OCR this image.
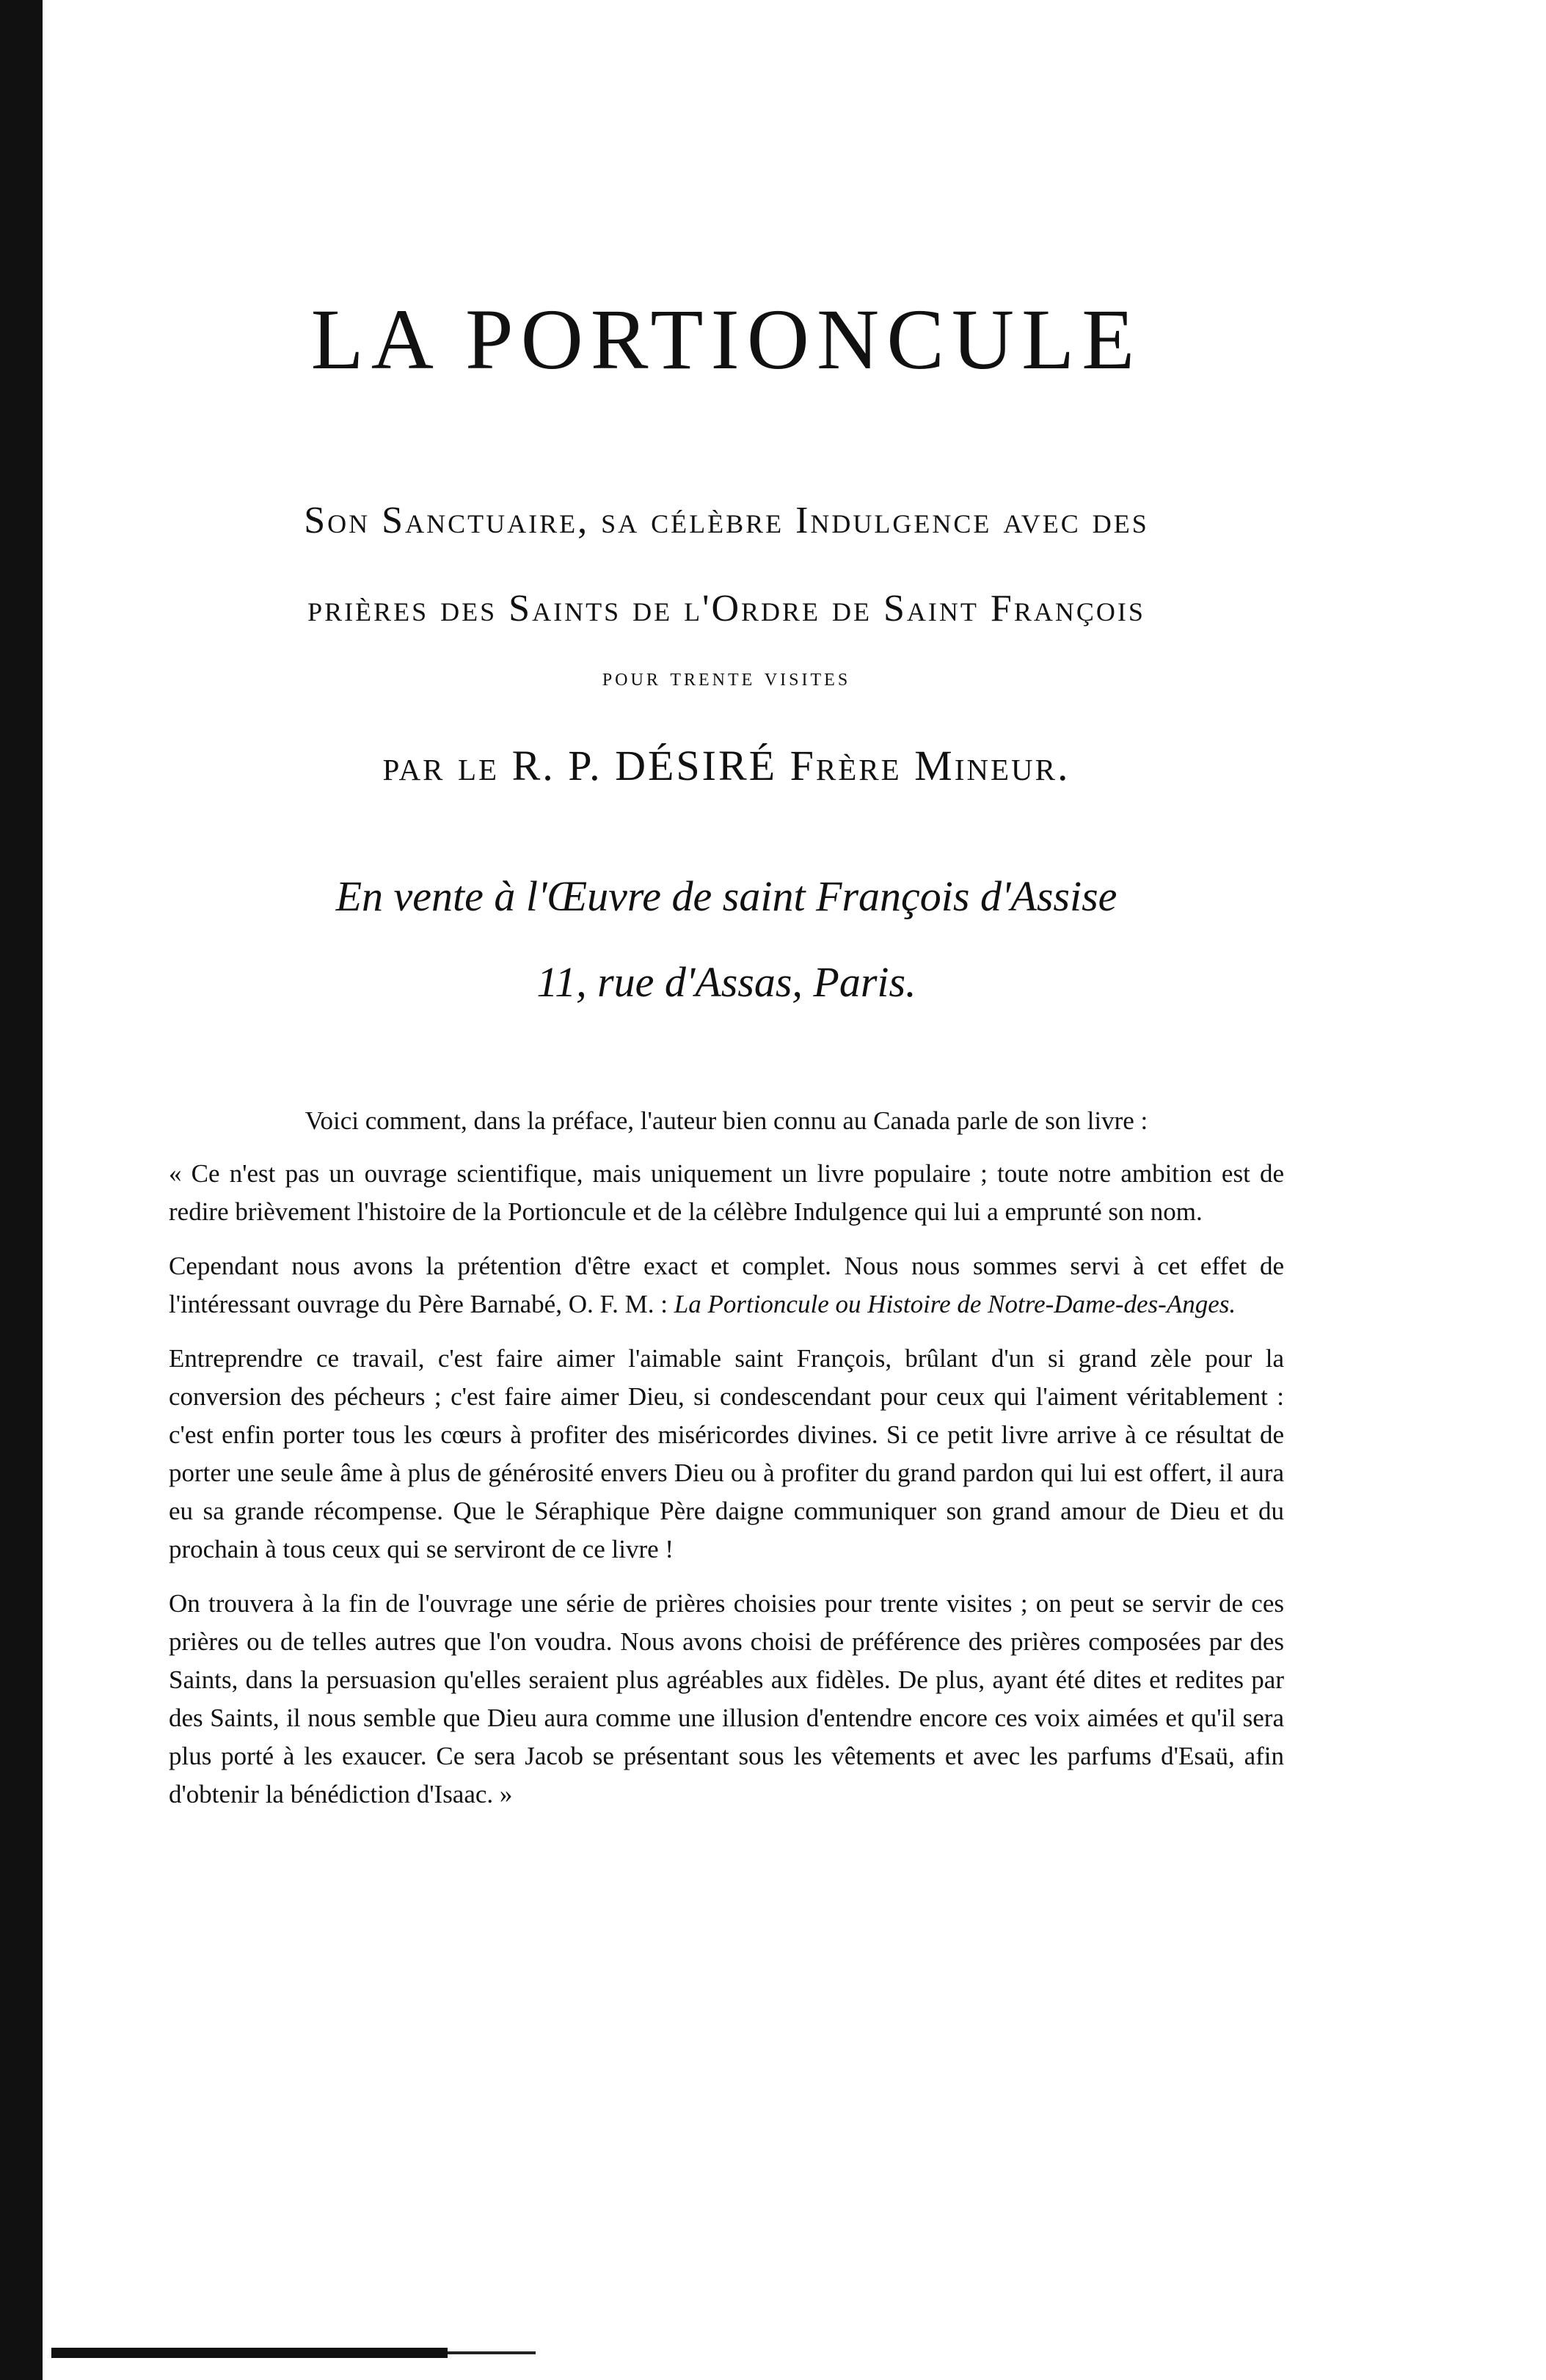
LA PORTIONCULE
Son Sanctuaire, sa célèbre Indulgence avec des
prières des Saints de l'Ordre de Saint François
pour trente visites
par le R. P. DÉSIRÉ Frère Mineur.
En vente à l'Œuvre de saint François d'Assise
11, rue d'Assas, Paris.

Voici comment, dans la préface, l'auteur bien connu au Canada parle de son livre :

« Ce n'est pas un ouvrage scientifique, mais uniquement un livre populaire ; toute notre ambition est de redire brièvement l'histoire de la Portioncule et de la célèbre Indulgence qui lui a emprunté son nom.

Cependant nous avons la prétention d'être exact et complet. Nous nous sommes servi à cet effet de l'intéressant ouvrage du Père Barnabé, O. F. M. : La Portioncule ou Histoire de Notre-Dame-des-Anges.

Entreprendre ce travail, c'est faire aimer l'aimable saint François, brûlant d'un si grand zèle pour la conversion des pécheurs ; c'est faire aimer Dieu, si condescendant pour ceux qui l'aiment véritablement : c'est enfin porter tous les cœurs à profiter des miséricordes divines. Si ce petit livre arrive à ce résultat de porter une seule âme à plus de générosité envers Dieu ou à profiter du grand pardon qui lui est offert, il aura eu sa grande récompense. Que le Séraphique Père daigne communiquer son grand amour de Dieu et du prochain à tous ceux qui se serviront de ce livre !

On trouvera à la fin de l'ouvrage une série de prières choisies pour trente visites ; on peut se servir de ces prières ou de telles autres que l'on voudra. Nous avons choisi de préférence des prières composées par des Saints, dans la persuasion qu'elles seraient plus agréables aux fidèles. De plus, ayant été dites et redites par des Saints, il nous semble que Dieu aura comme une illusion d'entendre encore ces voix aimées et qu'il sera plus porté à les exaucer. Ce sera Jacob se présentant sous les vêtements et avec les parfums d'Esaü, afin d'obtenir la bénédiction d'Isaac. »
